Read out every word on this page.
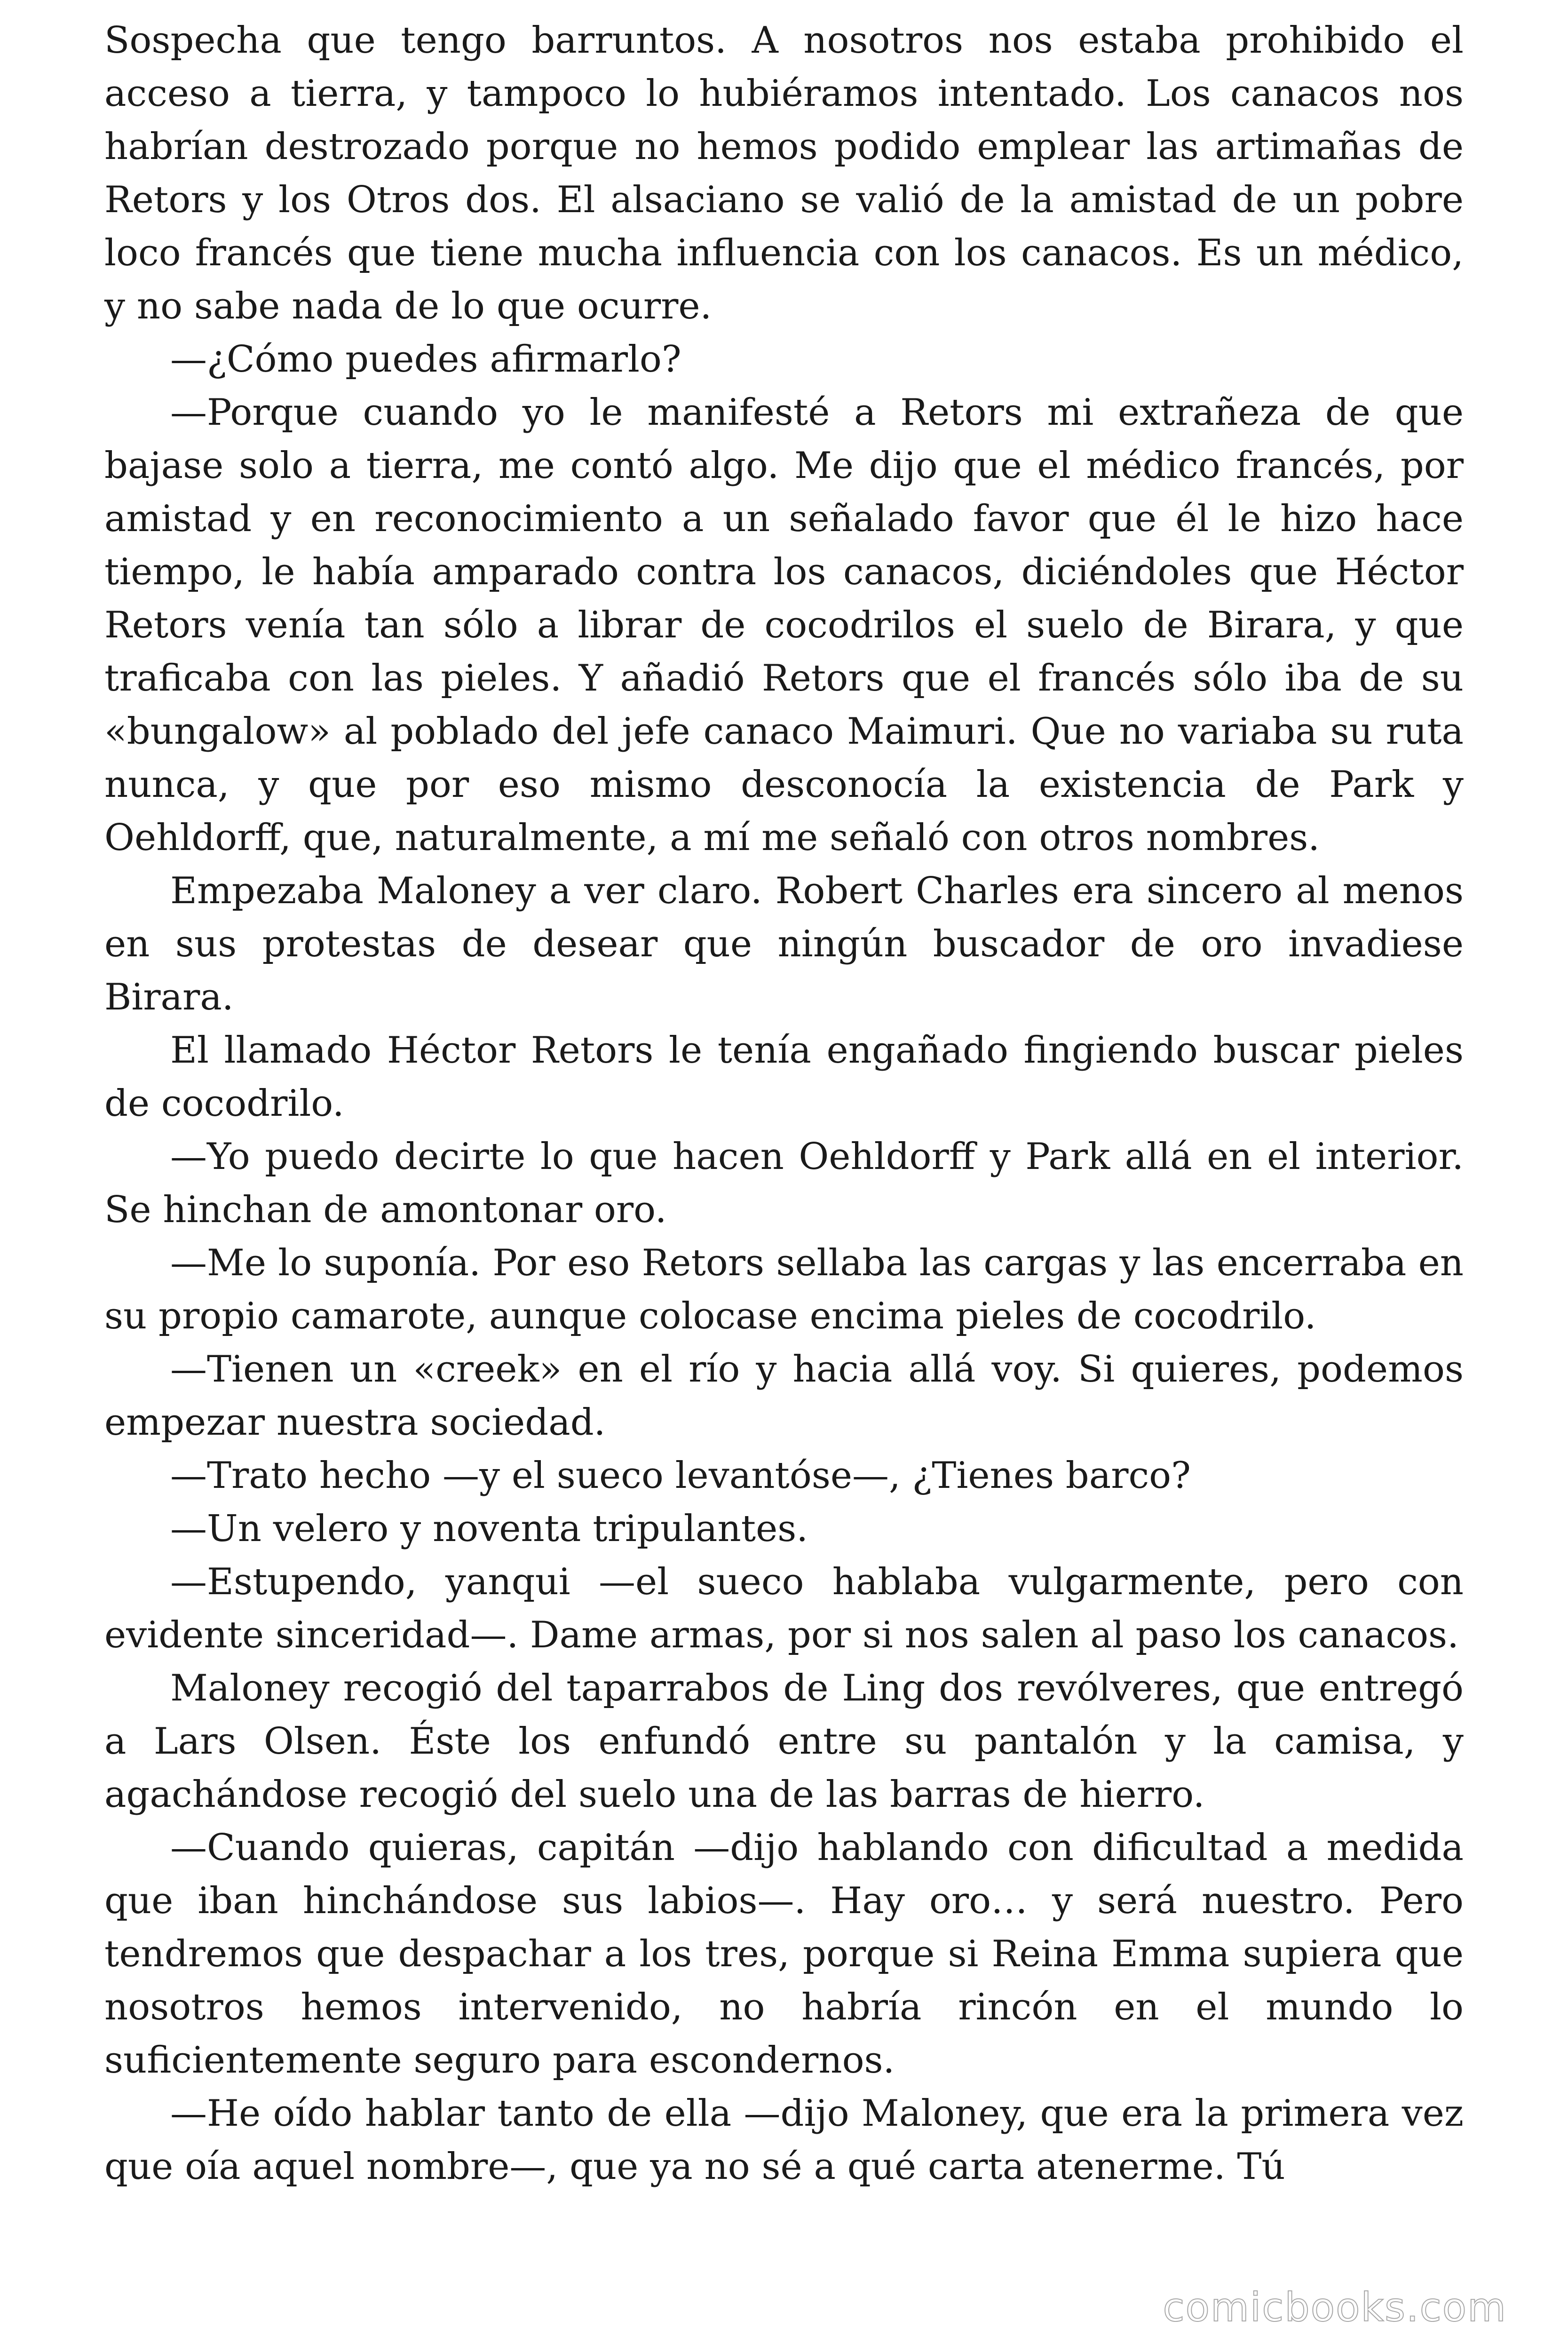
Sospecha que tengo barruntos. A nosotros nos estaba prohibido el acceso a tierra, y tampoco lo hubiéramos intentado. Los canacos nos habrían destrozado porque no hemos podido emplear las artimañas de Retors y los Otros dos. El alsaciano se valió de la amistad de un pobre loco francés que tiene mucha influencia con los canacos. Es un médico, y no sabe nada de lo que ocurre.

—¿Cómo puedes afirmarlo?

—Porque cuando yo le manifesté a Retors mi extrañeza de que bajase solo a tierra, me contó algo. Me dijo que el médico francés, por amistad y en reconocimiento a un señalado favor que él le hizo hace tiempo, le había amparado contra los canacos, diciéndoles que Héctor Retors venía tan sólo a librar de cocodrilos el suelo de Birara, y que traficaba con las pieles. Y añadió Retors que el francés sólo iba de su «bungalow» al poblado del jefe canaco Maimuri. Que no variaba su ruta nunca, y que por eso mismo desconocía la existencia de Park y Oehldorff, que, naturalmente, a mí me señaló con otros nombres.

Empezaba Maloney a ver claro. Robert Charles era sincero al menos en sus protestas de desear que ningún buscador de oro invadiese Birara.

El llamado Héctor Retors le tenía engañado fingiendo buscar pieles de cocodrilo.

—Yo puedo decirte lo que hacen Oehldorff y Park allá en el interior. Se hinchan de amontonar oro.

—Me lo suponía. Por eso Retors sellaba las cargas y las encerraba en su propio camarote, aunque colocase encima pieles de cocodrilo.

—Tienen un «creek» en el río y hacia allá voy. Si quieres, podemos empezar nuestra sociedad.

—Trato hecho —y el sueco levantóse—, ¿Tienes barco?

—Un velero y noventa tripulantes.

—Estupendo, yanqui —el sueco hablaba vulgarmente, pero con evidente sinceridad—. Dame armas, por si nos salen al paso los canacos.

Maloney recogió del taparrabos de Ling dos revólveres, que entregó a Lars Olsen. Éste los enfundó entre su pantalón y la camisa, y agachándose recogió del suelo una de las barras de hierro.

—Cuando quieras, capitán —dijo hablando con dificultad a medida que iban hinchándose sus labios—. Hay oro… y será nuestro. Pero tendremos que despachar a los tres, porque si Reina Emma supiera que nosotros hemos intervenido, no habría rincón en el mundo lo suficientemente seguro para escondernos.

—He oído hablar tanto de ella —dijo Maloney, que era la primera vez que oía aquel nombre—, que ya no sé a qué carta atenerme. Tú

comicbooks.com
